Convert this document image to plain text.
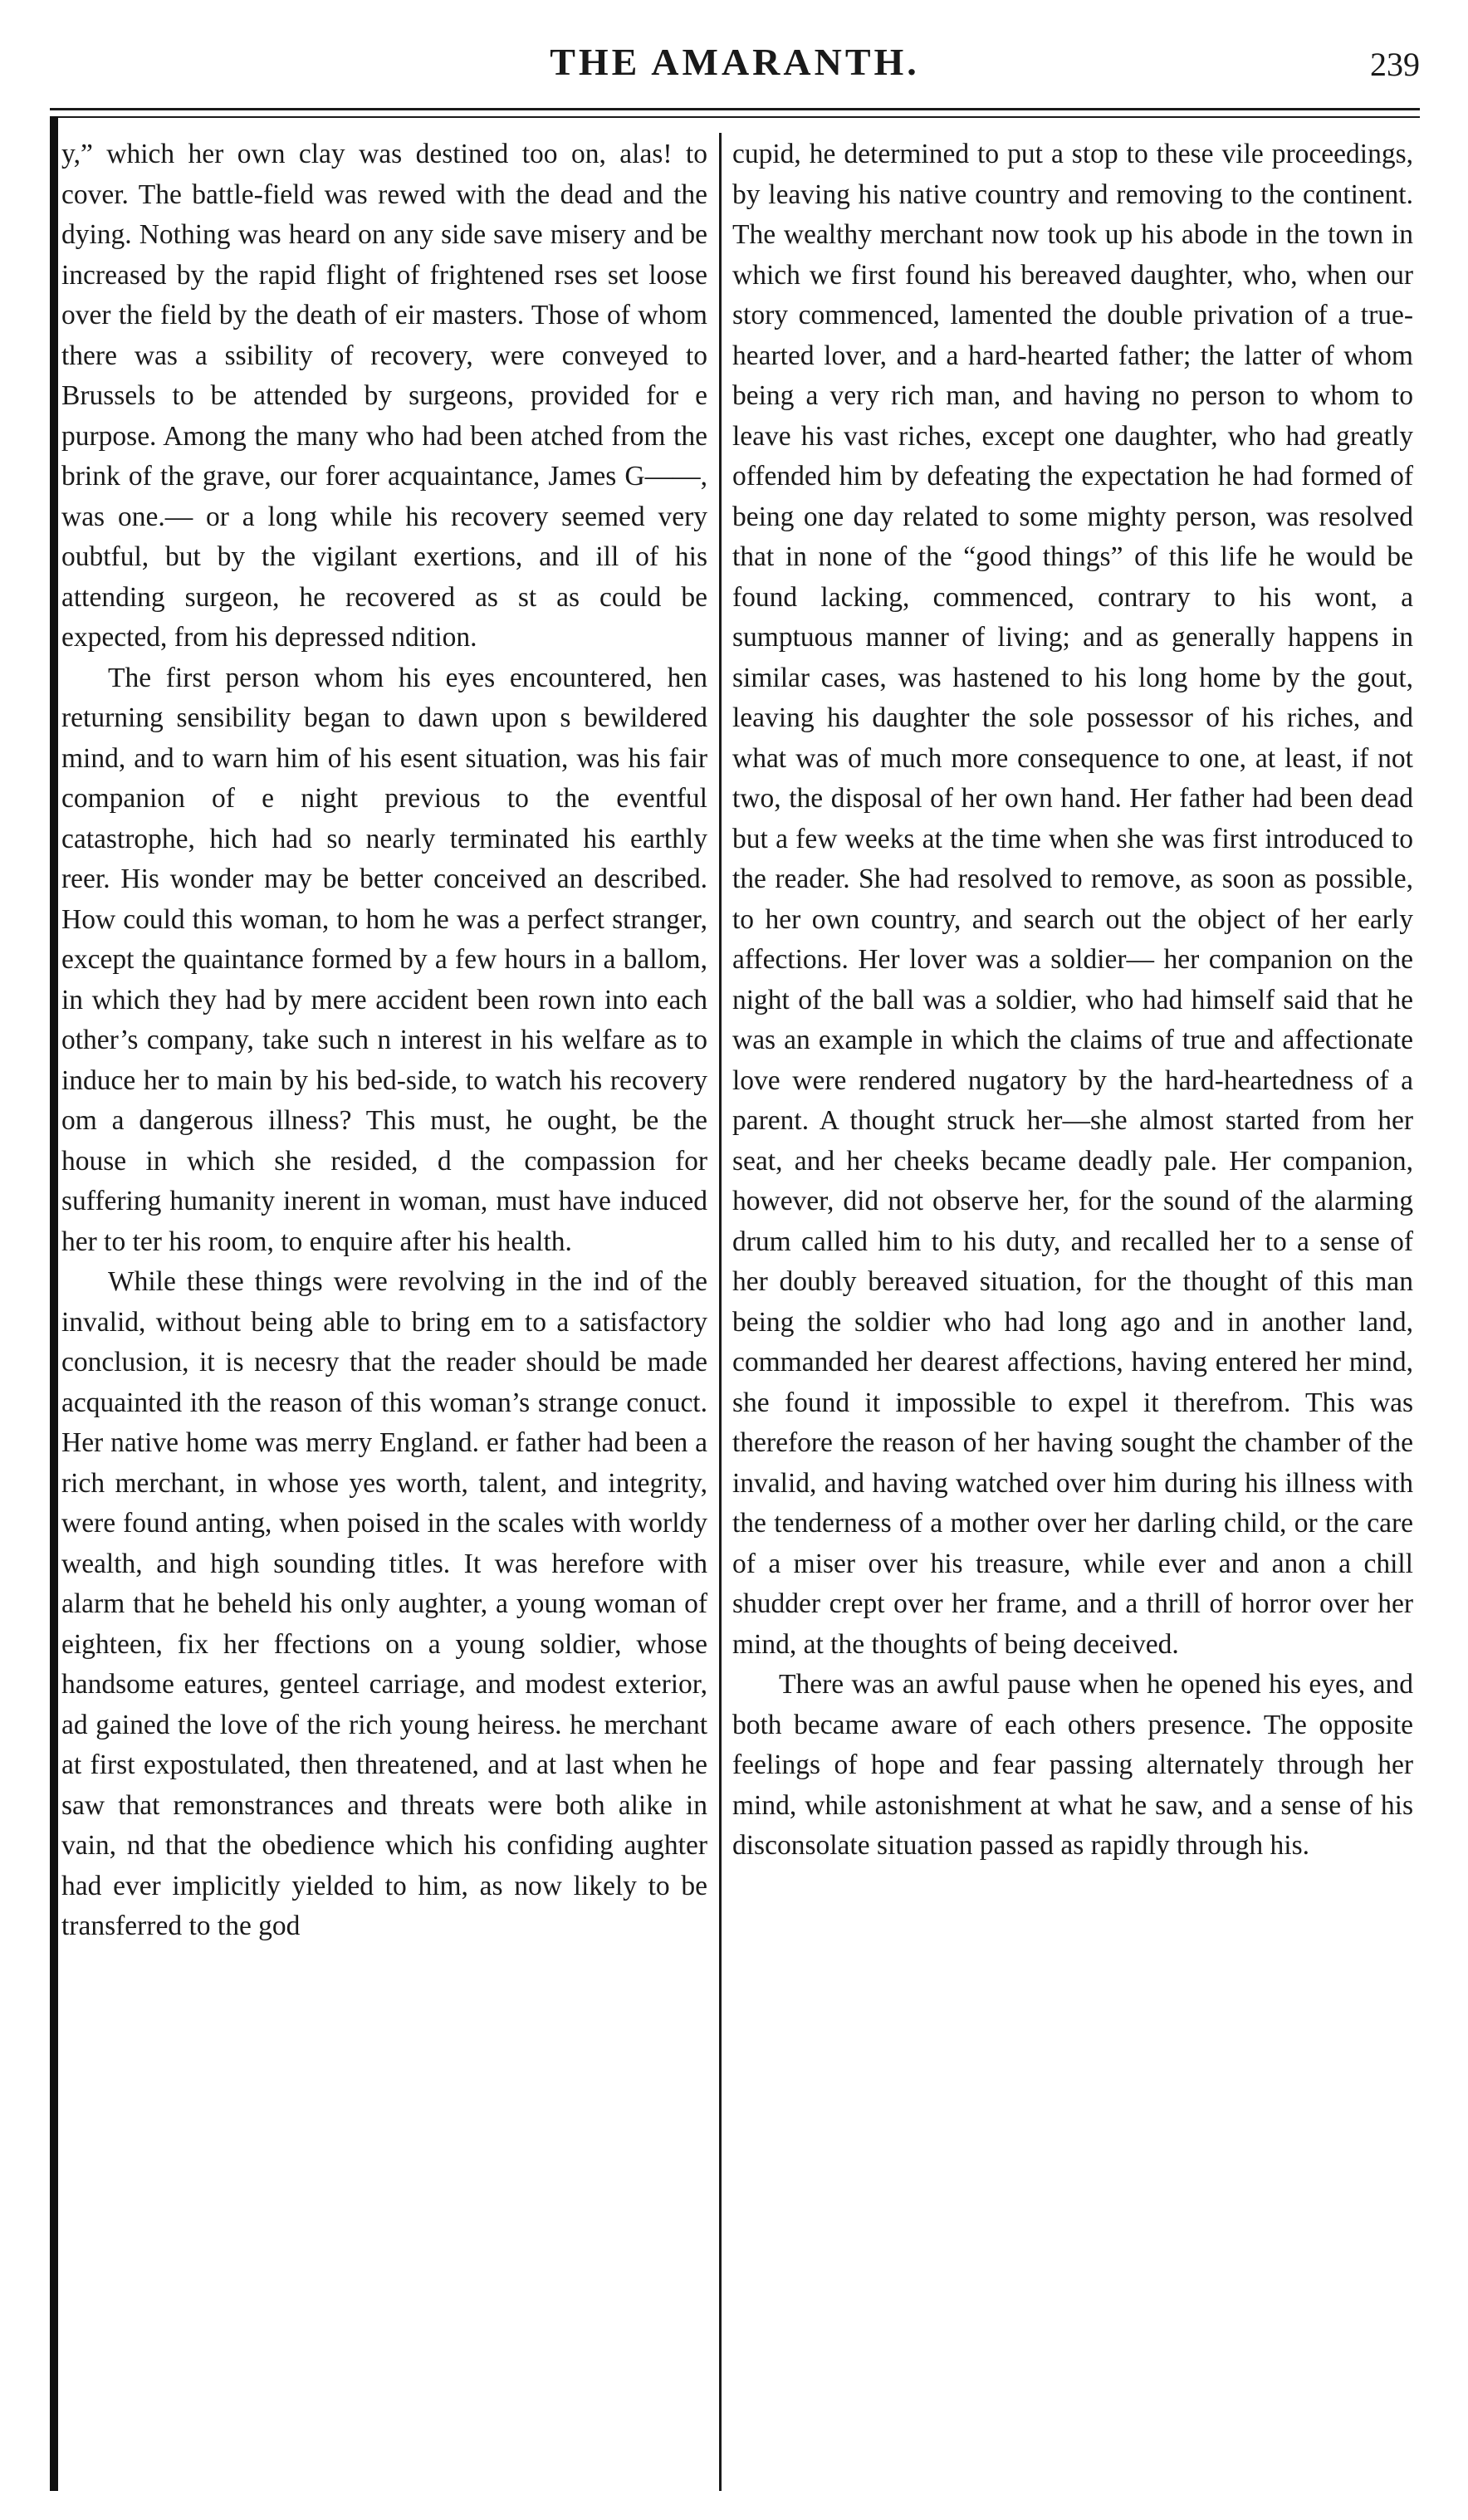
THE AMARANTH.	239

y,” which her own clay was destined too on, alas! to cover. The battle-field was rewed with the dead and the dying. Nothing was heard on any side save misery and be increased by the rapid flight of frightened rses set loose over the field by the death of eir masters. Those of whom there was a ssibility of recovery, were conveyed to Brussels to be attended by surgeons, provided for e purpose. Among the many who had been atched from the brink of the grave, our forer acquaintance, James G——, was one.— or a long while his recovery seemed very oubtful, but by the vigilant exertions, and ill of his attending surgeon, he recovered as st as could be expected, from his depressed ndition.

The first person whom his eyes encountered, hen returning sensibility began to dawn upon s bewildered mind, and to warn him of his esent situation, was his fair companion of e night previous to the eventful catastrophe, hich had so nearly terminated his earthly reer. His wonder may be better conceived an described. How could this woman, to hom he was a perfect stranger, except the quaintance formed by a few hours in a ballom, in which they had by mere accident been rown into each other’s company, take such n interest in his welfare as to induce her to main by his bed-side, to watch his recovery om a dangerous illness? This must, he ought, be the house in which she resided, d the compassion for suffering humanity inerent in woman, must have induced her to ter his room, to enquire after his health.

While these things were revolving in the ind of the invalid, without being able to bring em to a satisfactory conclusion, it is necesry that the reader should be made acquainted ith the reason of this woman’s strange conuct. Her native home was merry England. er father had been a rich merchant, in whose yes worth, talent, and integrity, were found anting, when poised in the scales with worldy wealth, and high sounding titles. It was herefore with alarm that he beheld his only aughter, a young woman of eighteen, fix her ffections on a young soldier, whose handsome eatures, genteel carriage, and modest exterior, ad gained the love of the rich young heiress. he merchant at first expostulated, then threatened, and at last when he saw that remonstrances and threats were both alike in vain, nd that the obedience which his confiding aughter had ever implicitly yielded to him, as now likely to be transferred to the god

cupid, he determined to put a stop to these vile proceedings, by leaving his native country and removing to the continent. The wealthy merchant now took up his abode in the town in which we first found his bereaved daughter, who, when our story commenced, lamented the double privation of a true-hearted lover, and a hard-hearted father; the latter of whom being a very rich man, and having no person to whom to leave his vast riches, except one daughter, who had greatly offended him by defeating the expectation he had formed of being one day related to some mighty person, was resolved that in none of the “good things” of this life he would be found lacking, commenced, contrary to his wont, a sumptuous manner of living; and as generally happens in similar cases, was hastened to his long home by the gout, leaving his daughter the sole possessor of his riches, and what was of much more consequence to one, at least, if not two, the disposal of her own hand. Her father had been dead but a few weeks at the time when she was first introduced to the reader. She had resolved to remove, as soon as possible, to her own country, and search out the object of her early affections. Her lover was a soldier— her companion on the night of the ball was a soldier, who had himself said that he was an example in which the claims of true and affectionate love were rendered nugatory by the hard-heartedness of a parent. A thought struck her—she almost started from her seat, and her cheeks became deadly pale. Her companion, however, did not observe her, for the sound of the alarming drum called him to his duty, and recalled her to a sense of her doubly bereaved situation, for the thought of this man being the soldier who had long ago and in another land, commanded her dearest affections, having entered her mind, she found it impossible to expel it therefrom. This was therefore the reason of her having sought the chamber of the invalid, and having watched over him during his illness with the tenderness of a mother over her darling child, or the care of a miser over his treasure, while ever and anon a chill shudder crept over her frame, and a thrill of horror over her mind, at the thoughts of being deceived.

There was an awful pause when he opened his eyes, and both became aware of each others presence. The opposite feelings of hope and fear passing alternately through her mind, while astonishment at what he saw, and a sense of his disconsolate situation passed as rapidly through his.
